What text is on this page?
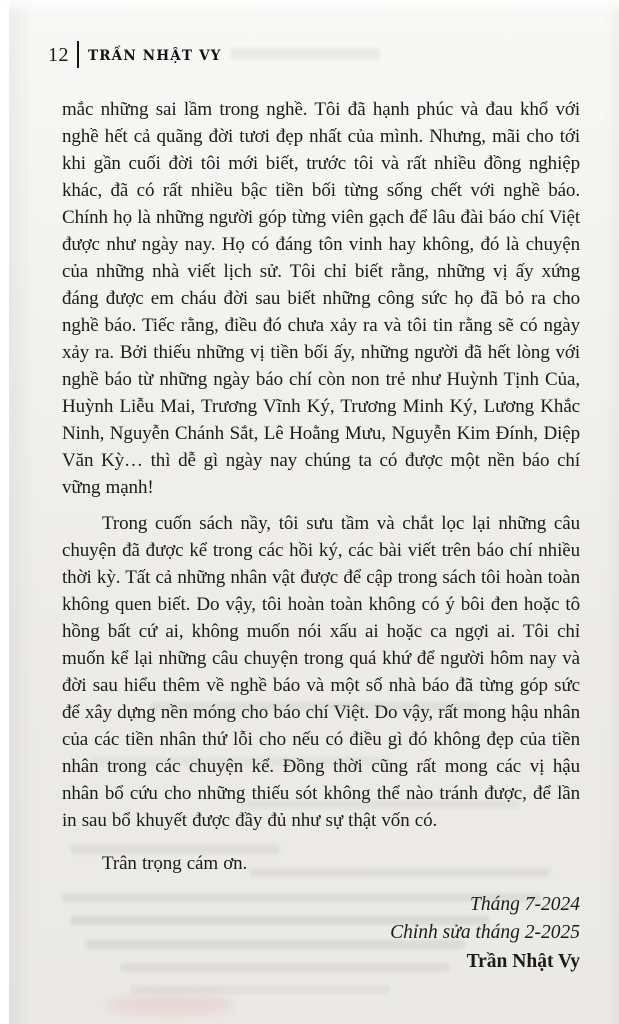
12 TRẦN NHẬT VY

mắc những sai lầm trong nghề. Tôi đã hạnh phúc và đau khổ với nghề hết cả quãng đời tươi đẹp nhất của mình. Nhưng, mãi cho tới khi gần cuối đời tôi mới biết, trước tôi và rất nhiều đồng nghiệp khác, đã có rất nhiều bậc tiền bối từng sống chết với nghề báo. Chính họ là những người góp từng viên gạch để lâu đài báo chí Việt được như ngày nay. Họ có đáng tôn vinh hay không, đó là chuyện của những nhà viết lịch sử. Tôi chỉ biết rằng, những vị ấy xứng đáng được em cháu đời sau biết những công sức họ đã bỏ ra cho nghề báo. Tiếc rằng, điều đó chưa xảy ra và tôi tin rằng sẽ có ngày xảy ra. Bởi thiếu những vị tiền bối ấy, những người đã hết lòng với nghề báo từ những ngày báo chí còn non trẻ như Huỳnh Tịnh Của, Huỳnh Liễu Mai, Trương Vĩnh Ký, Trương Minh Ký, Lương Khắc Ninh, Nguyễn Chánh Sắt, Lê Hoằng Mưu, Nguyễn Kim Đính, Diệp Văn Kỳ… thì dễ gì ngày nay chúng ta có được một nền báo chí vững mạnh!

Trong cuốn sách nầy, tôi sưu tầm và chắt lọc lại những câu chuyện đã được kể trong các hồi ký, các bài viết trên báo chí nhiều thời kỳ. Tất cả những nhân vật được để cập trong sách tôi hoàn toàn không quen biết. Do vậy, tôi hoàn toàn không có ý bôi đen hoặc tô hồng bất cứ ai, không muốn nói xấu ai hoặc ca ngợi ai. Tôi chỉ muốn kể lại những câu chuyện trong quá khứ để người hôm nay và đời sau hiểu thêm về nghề báo và một số nhà báo đã từng góp sức để xây dựng nền móng cho báo chí Việt. Do vậy, rất mong hậu nhân của các tiền nhân thứ lỗi cho nếu có điều gì đó không đẹp của tiền nhân trong các chuyện kể. Đồng thời cũng rất mong các vị hậu nhân bổ cứu cho những thiếu sót không thể nào tránh được, để lần in sau bổ khuyết được đầy đủ như sự thật vốn có.

Trân trọng cám ơn.

Tháng 7-2024
Chỉnh sửa tháng 2-2025
Trần Nhật Vy
